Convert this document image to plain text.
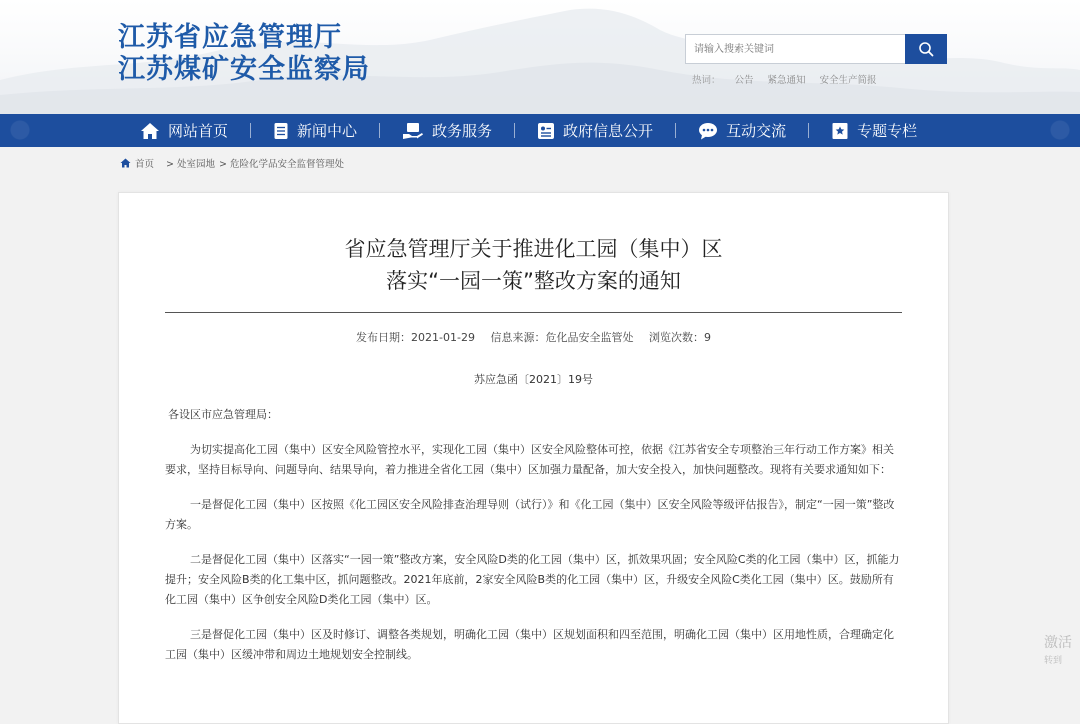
江苏省应急管理厅
江苏煤矿安全监察局
请输入搜索关键词	热词： 公告 紧急通知 安全生产简报
网站首页	新闻中心	政务服务	政府信息公开	互动交流	专题专栏
首页 > 处室园地 > 危险化学品安全监督管理处
省应急管理厅关于推进化工园（集中）区
落实“一园一策”整改方案的通知
发布日期：2021-01-29 信息来源：危化品安全监管处 浏览次数：9
苏应急函〔2021〕19号

各设区市应急管理局：

为切实提高化工园（集中）区安全风险管控水平，实现化工园（集中）区安全风险整体可控，依据《江苏省安全专项整治三年行动工作方案》相关要求，坚持目标导向、问题导向、结果导向，着力推进全省化工园（集中）区加强力量配备，加大安全投入，加快问题整改。现将有关要求通知如下：

一是督促化工园（集中）区按照《化工园区安全风险排查治理导则（试行）》和《化工园（集中）区安全风险等级评估报告》，制定“一园一策”整改方案。

二是督促化工园（集中）区落实“一园一策”整改方案，安全风险D类的化工园（集中）区，抓效果巩固；安全风险C类的化工园（集中）区，抓能力提升；安全风险B类的化工集中区，抓问题整改。2021年底前，2家安全风险B类的化工园（集中）区，升级安全风险C类化工园（集中）区。鼓励所有化工园（集中）区争创安全风险D类化工园（集中）区。

三是督促化工园（集中）区及时修订、调整各类规划，明确化工园（集中）区规划面积和四至范围，明确化工园（集中）区用地性质，合理确定化工园（集中）区缓冲带和周边土地规划安全控制线。

激活
转到
